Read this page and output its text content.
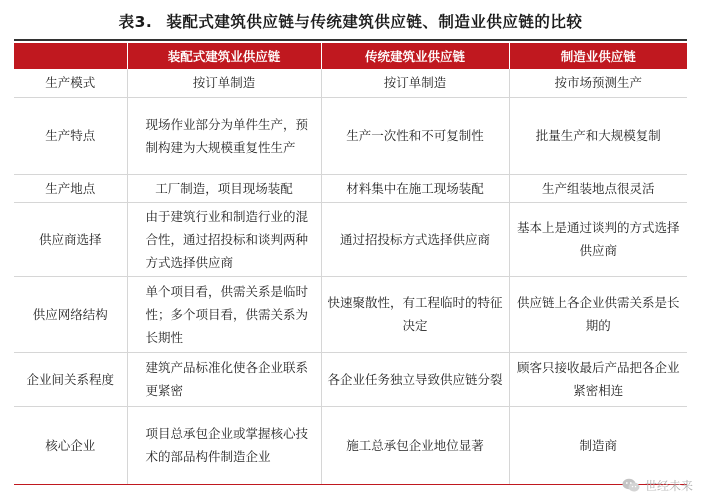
表3. 装配式建筑供应链与传统建筑供应链、制造业供应链的比较
	装配式建筑业供应链	传统建筑业供应链	制造业供应链
生产模式	按订单制造	按订单制造	按市场预测生产
生产特点	现场作业部分为单件生产，预制构建为大规模重复性生产	生产一次性和不可复制性	批量生产和大规模复制
生产地点	工厂制造，项目现场装配	材料集中在施工现场装配	生产组装地点很灵活
供应商选择	由于建筑行业和制造行业的混合性，通过招投标和谈判两种方式选择供应商	通过招投标方式选择供应商	基本上是通过谈判的方式选择供应商
供应网络结构	单个项目看，供需关系是临时性；多个项目看，供需关系为长期性	快速聚散性，有工程临时的特征决定	供应链上各企业供需关系是长期的
企业间关系程度	建筑产品标准化使各企业联系更紧密	各企业任务独立导致供应链分裂	顾客只接收最后产品把各企业紧密相连
核心企业	项目总承包企业或掌握核心技术的部品构件制造企业	施工总承包企业地位显著	制造商
世经未来
